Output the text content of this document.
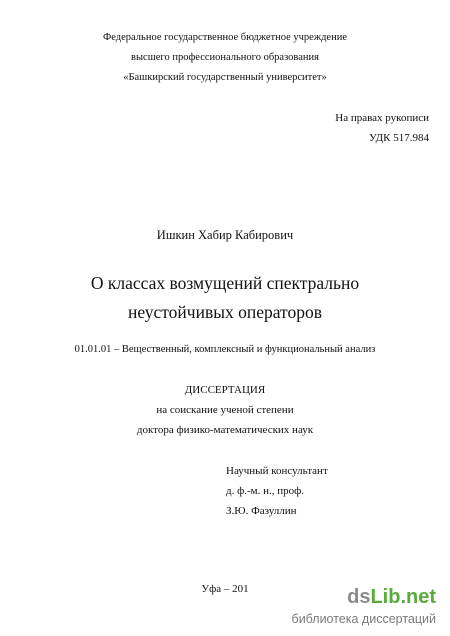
Федеральное государственное бюджетное учреждение
высшего профессионального образования
«Башкирский государственный университет»
На правах рукописи
УДК 517.984
Ишкин Хабир Кабирович
О классах возмущений спектрально
неустойчивых операторов
01.01.01 – Вещественный, комплексный и функциональный анализ
ДИССЕРТАЦИЯ
на соискание ученой степени
доктора физико-математических наук
Научный консультант
д. ф.-м. н., проф.
З.Ю. Фазуллин
Уфа – 201	dsLib.net
библиотека диссертаций
